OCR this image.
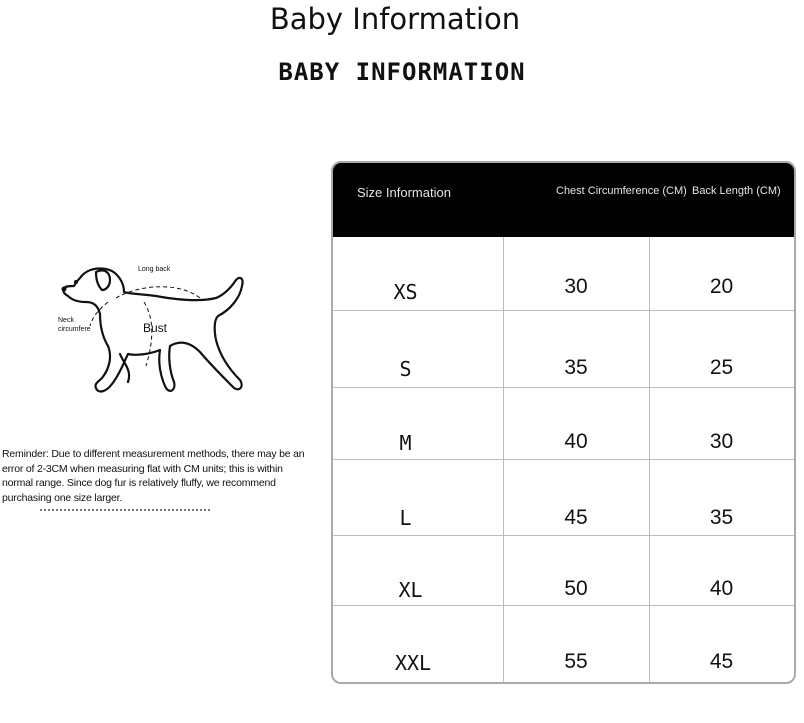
Baby Information
BABY INFORMATION
Long back
Neck circumfere	Bust
Reminder: Due to different measurement methods, there may be an error of 2-3CM when measuring flat with CM units; this is within normal range. Since dog fur is relatively fluffy, we recommend purchasing one size larger.
Size Information	Chest Circumference (CM) Back Length (CM)
XS	30	20
S	35	25
M	40	30
L	45	35
XL	50	40
XXL	55	45
